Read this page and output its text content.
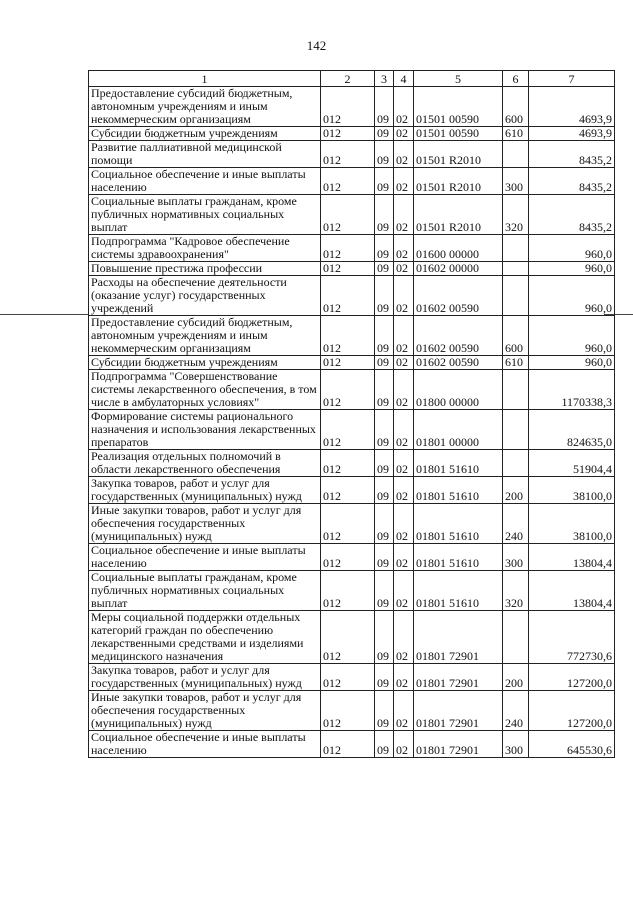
142
1	2	3	4	5	6	7
Предоставление субсидий бюджетным, автономным учреждениям и иным некоммерческим организациям	012	09	02	01501 00590	600	4693,9
Субсидии бюджетным учреждениям	012	09	02	01501 00590	610	4693,9
Развитие паллиативной медицинской помощи	012	09	02	01501 R2010		8435,2
Социальное обеспечение и иные выплаты населению	012	09	02	01501 R2010	300	8435,2
Социальные выплаты гражданам, кроме публичных нормативных социальных выплат	012	09	02	01501 R2010	320	8435,2
Подпрограмма "Кадровое обеспечение системы здравоохранения"	012	09	02	01600 00000		960,0
Повышение престижа профессии	012	09	02	01602 00000		960,0
Расходы на обеспечение деятельности (оказание услуг) государственных учреждений	012	09	02	01602 00590		960,0
Предоставление субсидий бюджетным, автономным учреждениям и иным некоммерческим организациям	012	09	02	01602 00590	600	960,0
Субсидии бюджетным учреждениям	012	09	02	01602 00590	610	960,0
Подпрограмма "Совершенствование системы лекарственного обеспечения, в том числе в амбулаторных условиях"	012	09	02	01800 00000		1170338,3
Формирование системы рационального назначения и использования лекарственных препаратов	012	09	02	01801 00000		824635,0
Реализация отдельных полномочий в области лекарственного обеспечения	012	09	02	01801 51610		51904,4
Закупка товаров, работ и услуг для государственных (муниципальных) нужд	012	09	02	01801 51610	200	38100,0
Иные закупки товаров, работ и услуг для обеспечения государственных (муниципальных) нужд	012	09	02	01801 51610	240	38100,0
Социальное обеспечение и иные выплаты населению	012	09	02	01801 51610	300	13804,4
Социальные выплаты гражданам, кроме публичных нормативных социальных выплат	012	09	02	01801 51610	320	13804,4
Меры социальной поддержки отдельных категорий граждан по обеспечению лекарственными средствами и изделиями медицинского назначения	012	09	02	01801 72901		772730,6
Закупка товаров, работ и услуг для государственных (муниципальных) нужд	012	09	02	01801 72901	200	127200,0
Иные закупки товаров, работ и услуг для обеспечения государственных (муниципальных) нужд	012	09	02	01801 72901	240	127200,0
Социальное обеспечение и иные выплаты населению	012	09	02	01801 72901	300	645530,6
